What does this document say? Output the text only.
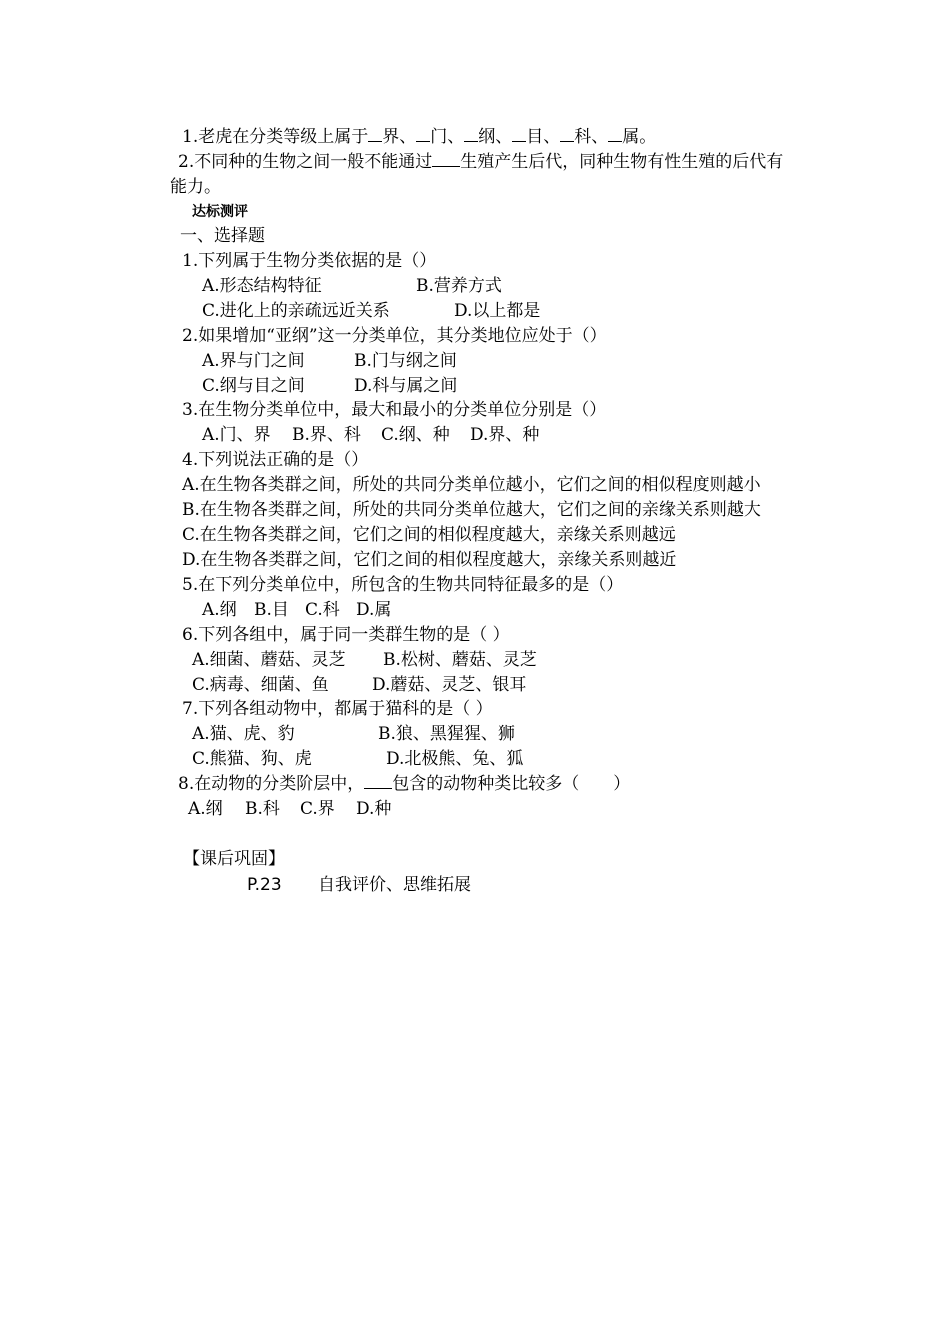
1.老虎在分类等级上属于 界、 门、 纲、 目、 科、 属。
2.不同种的生物之间一般不能通过 生殖产生后代，同种生物有性生殖的后代有
能力。
达标测评
一、选择题
1.下列属于生物分类依据的是（）
A.形态结构特征	B.营养方式
C.进化上的亲疏远近关系	D.以上都是
2.如果增加“亚纲”这一分类单位，其分类地位应处于（）
A.界与门之间	B.门与纲之间
C.纲与目之间	D.科与属之间
3.在生物分类单位中，最大和最小的分类单位分别是（）
A.门、界 B.界、科 C.纲、种 D.界、种
4.下列说法正确的是（）
A.在生物各类群之间，所处的共同分类单位越小，它们之间的相似程度则越小
B.在生物各类群之间，所处的共同分类单位越大，它们之间的亲缘关系则越大
C.在生物各类群之间，它们之间的相似程度越大，亲缘关系则越远
D.在生物各类群之间，它们之间的相似程度越大，亲缘关系则越近
5.在下列分类单位中，所包含的生物共同特征最多的是（）
A.纲 B.目 C.科 D.属
6.下列各组中，属于同一类群生物的是（ ）
A.细菌、蘑菇、灵芝 B.松树、蘑菇、灵芝
C.病毒、细菌、鱼	D.蘑菇、灵芝、银耳
7.下列各组动物中，都属于猫科的是（ ）
A.猫、虎、豹	B.狼、黑猩猩、狮
C.熊猫、狗、虎	D.北极熊、兔、狐
8.在动物的分类阶层中， 包含的动物种类比较多（　　）
A.纲 B.科 C.界 D.种
【课后巩固】
P.23 自我评价、思维拓展
